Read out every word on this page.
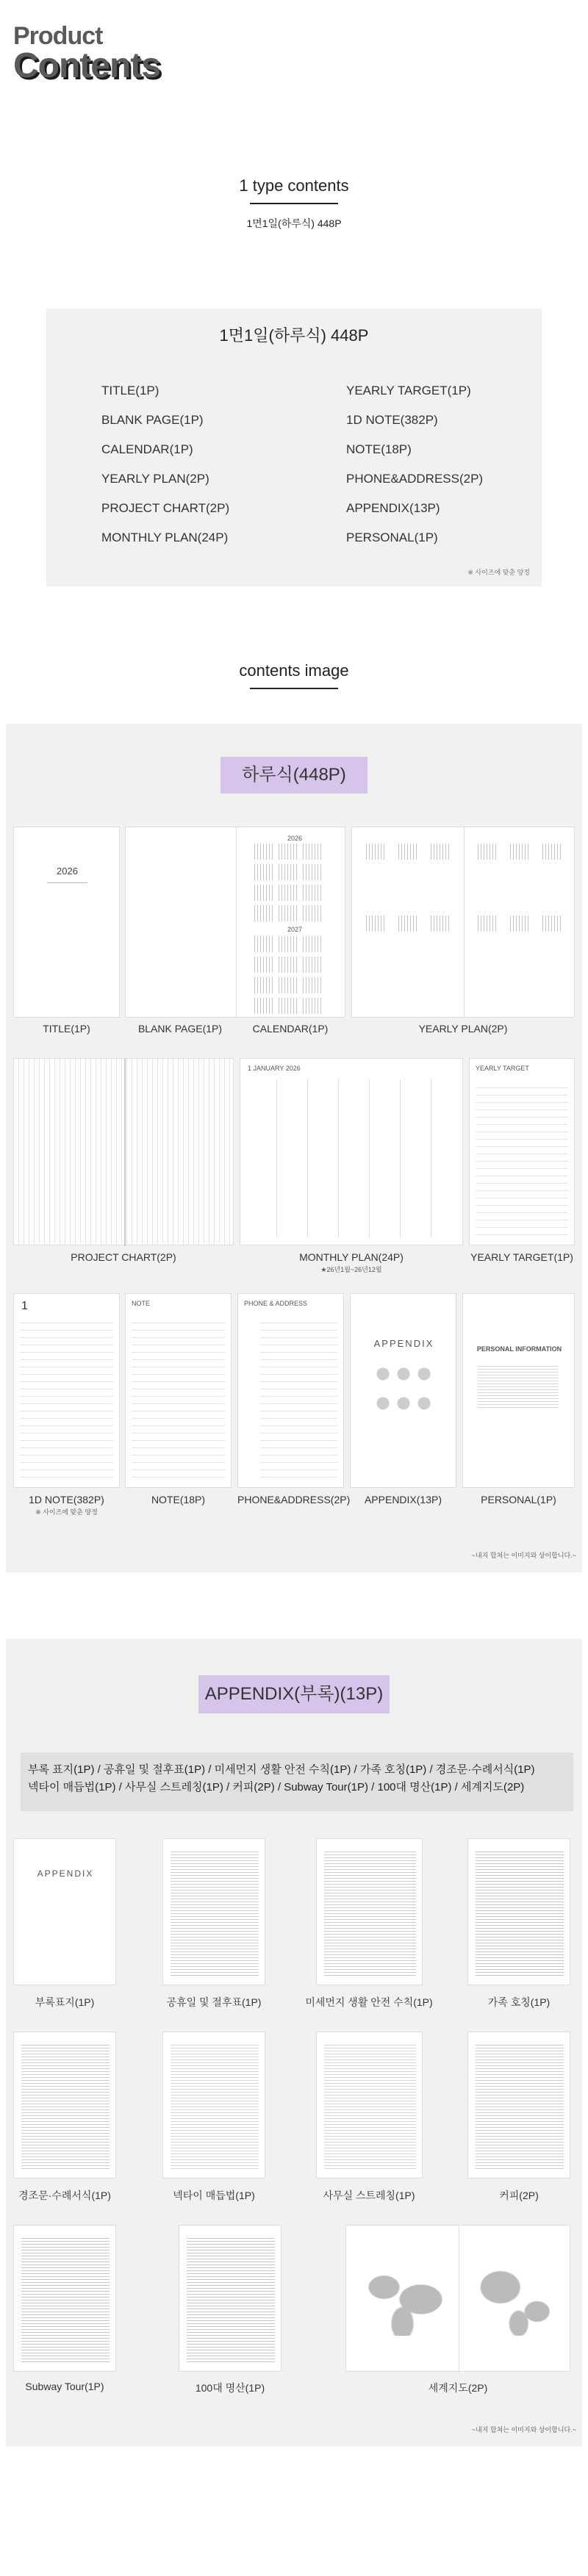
Product
Contents
1 type contents
1면1일(하루식) 448P
1면1일(하루식) 448P
TITLE(1P)
BLANK PAGE(1P)
CALENDAR(1P)
YEARLY PLAN(2P)
PROJECT CHART(2P)
MONTHLY PLAN(24P)
YEARLY TARGET(1P)
1D NOTE(382P)
NOTE(18P)
PHONE&ADDRESS(2P)
APPENDIX(13P)
PERSONAL(1P)
※ 사이즈에 맞춘 양정
contents image
하루식(448P)
2026
2026
2027
TITLE(1P)	BLANK PAGE(1P)	CALENDAR(1P)	YEARLY PLAN(2P)
1 JANUARY 2026	YEARLY TARGET
PROJECT CHART(2P)	MONTHLY PLAN(24P)
★26년1월~26년12월
YEARLY TARGET(1P)
1	NOTE	PHONE & ADDRESS
APPENDIX	PERSONAL INFORMATION
1D NOTE(382P)
※ 사이즈에 맞춘 양정
NOTE(18P)	PHONE&ADDRESS(2P)	APPENDIX(13P)	PERSONAL(1P)
~내지 합쳐는 이미지와 상이합니다.~
APPENDIX(부록)(13P)
부록 표지(1P) / 공휴일 및 절후표(1P) / 미세먼지 생활 안전 수칙(1P) / 가족 호칭(1P) / 경조문·수례서식(1P)
넥타이 매듭법(1P) / 사무실 스트레칭(1P) / 커피(2P) / Subway Tour(1P) / 100대 명산(1P) / 세계지도(2P)
APPENDIX
부록표지(1P)	공휴일 및 절후표(1P)	미세먼지 생활 안전 수칙(1P)	가족 호칭(1P)
경조문·수례서식(1P)	넥타이 매듭법(1P)	사무실 스트레칭(1P)	커피(2P)
Subway Tour(1P)	100대 명산(1P)	세계지도(2P)
~내지 합쳐는 이미지와 상이합니다.~
